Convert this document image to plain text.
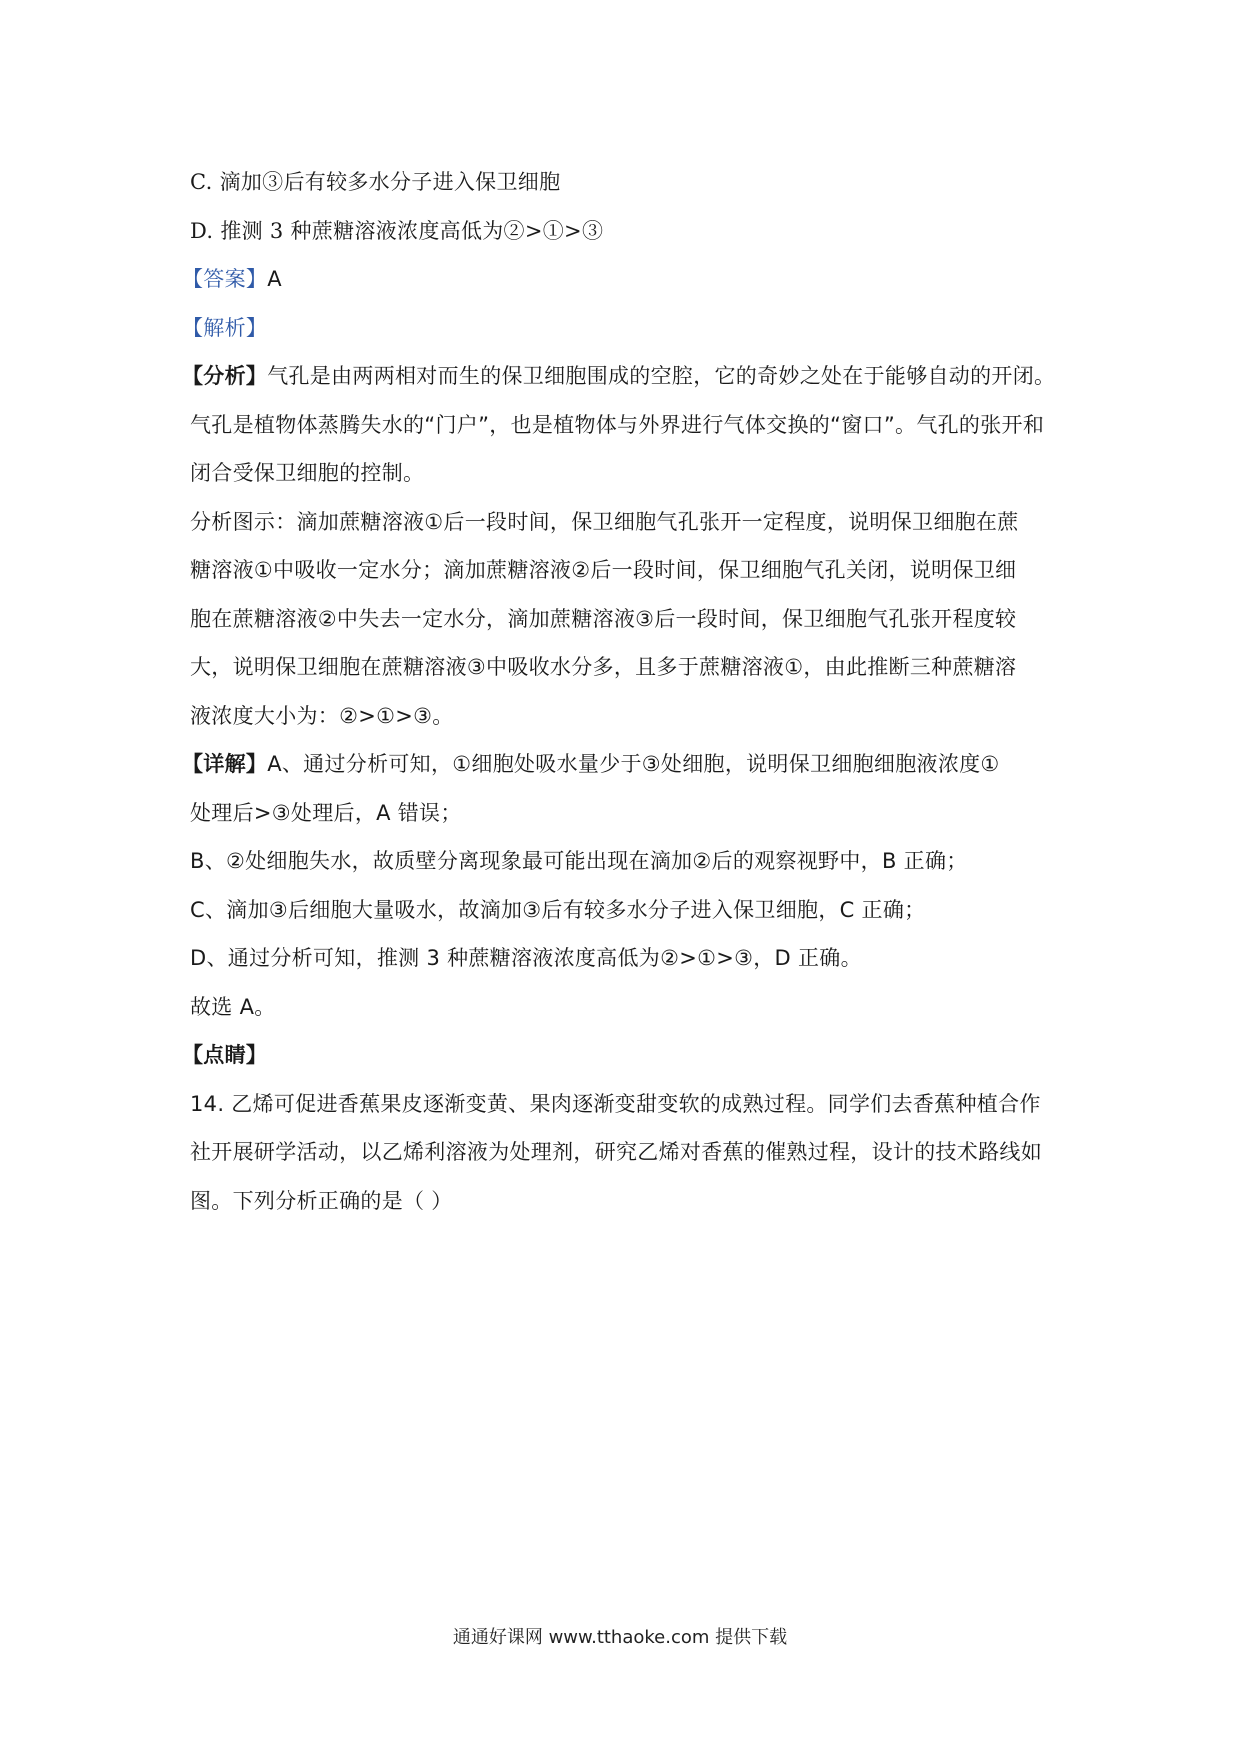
C. 滴加③后有较多水分子进入保卫细胞
D. 推测 3 种蔗糖溶液浓度高低为②>①>③
【答案】A
【解析】
【分析】气孔是由两两相对而生的保卫细胞围成的空腔，它的奇妙之处在于能够自动的开闭。
气孔是植物体蒸腾失水的“门户”，也是植物体与外界进行气体交换的“窗口”。气孔的张开和
闭合受保卫细胞的控制。
分析图示：滴加蔗糖溶液①后一段时间，保卫细胞气孔张开一定程度，说明保卫细胞在蔗
糖溶液①中吸收一定水分；滴加蔗糖溶液②后一段时间，保卫细胞气孔关闭，说明保卫细
胞在蔗糖溶液②中失去一定水分，滴加蔗糖溶液③后一段时间，保卫细胞气孔张开程度较
大，说明保卫细胞在蔗糖溶液③中吸收水分多，且多于蔗糖溶液①，由此推断三种蔗糖溶
液浓度大小为：②>①>③。
【详解】A、通过分析可知，①细胞处吸水量少于③处细胞，说明保卫细胞细胞液浓度①
处理后>③处理后，A 错误；
B、②处细胞失水，故质壁分离现象最可能出现在滴加②后的观察视野中，B 正确；
C、滴加③后细胞大量吸水，故滴加③后有较多水分子进入保卫细胞，C 正确；
D、通过分析可知，推测 3 种蔗糖溶液浓度高低为②>①>③，D 正确。
故选 A。
【点睛】
14. 乙烯可促进香蕉果皮逐渐变黄、果肉逐渐变甜变软的成熟过程。同学们去香蕉种植合作
社开展研学活动，以乙烯利溶液为处理剂，研究乙烯对香蕉的催熟过程，设计的技术路线如
图。下列分析正确的是（ ）
通通好课网 www.tthaoke.com 提供下载
